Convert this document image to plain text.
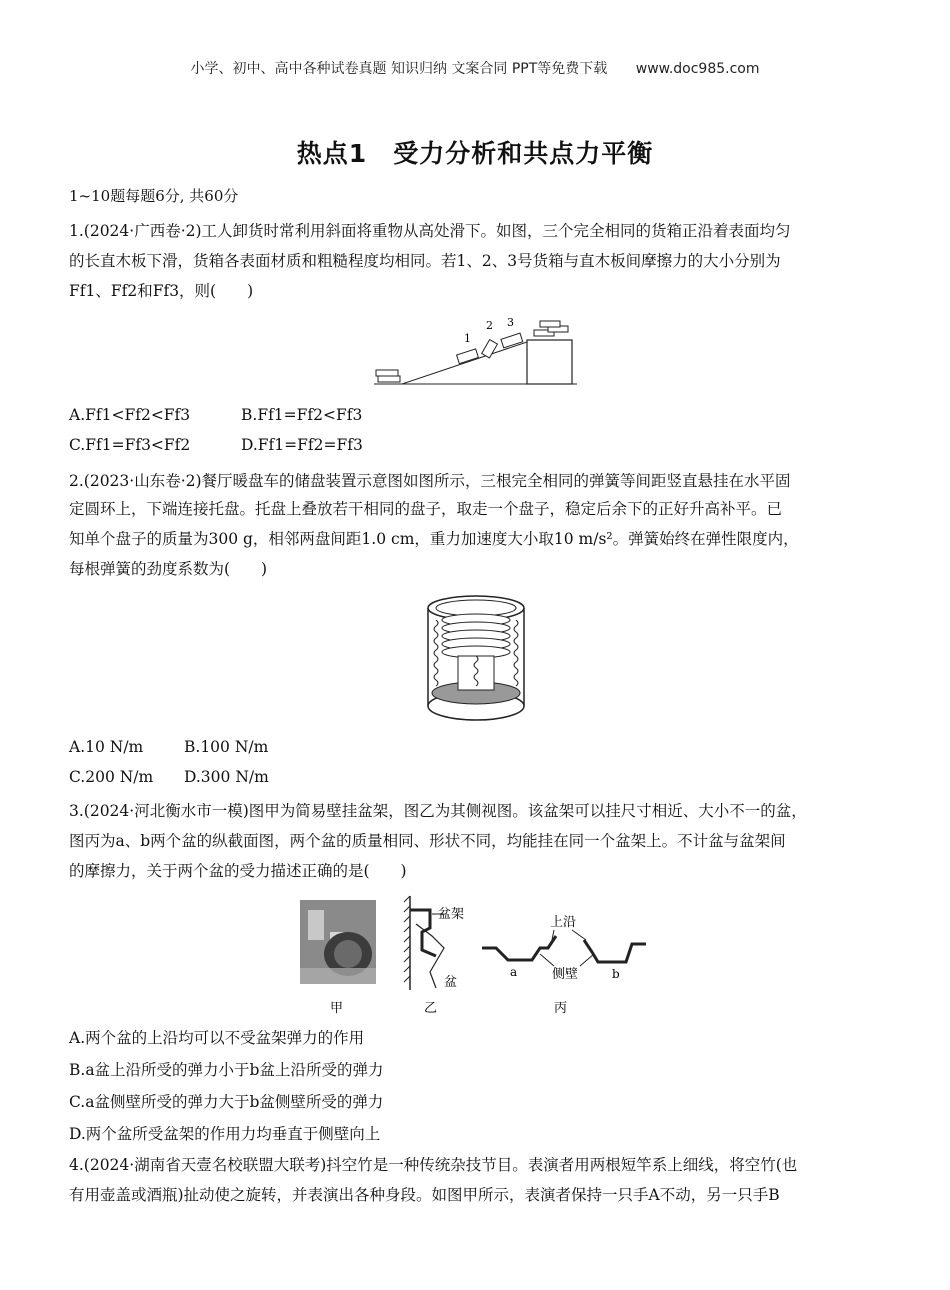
小学、初中、高中各种试卷真题 知识归纳 文案合同 PPT等免费下载 www.doc985.com
热点1　受力分析和共点力平衡
1~10题每题6分, 共60分
1.(2024·广西卷·2)工人卸货时常利用斜面将重物从高处滑下。如图，三个完全相同的货箱正沿着表面均匀
的长直木板下滑，货箱各表面材质和粗糙程度均相同。若1、2、3号货箱与直木板间摩擦力的大小分别为
Ff1、Ff2和Ff3，则(　　)
1
2 3
A.Ff1<Ff2<Ff3	B.Ff1=Ff2<Ff3
C.Ff1=Ff3<Ff2	D.Ff1=Ff2=Ff3
2.(2023·山东卷·2)餐厅暖盘车的储盘装置示意图如图所示，三根完全相同的弹簧等间距竖直悬挂在水平固
定圆环上，下端连接托盘。托盘上叠放若干相同的盘子，取走一个盘子，稳定后余下的正好升高补平。已
知单个盘子的质量为300 g，相邻两盘间距1.0 cm，重力加速度大小取10 m/s²。弹簧始终在弹性限度内，
每根弹簧的劲度系数为(　　)
A.10 N/m	B.100 N/m
C.200 N/m D.300 N/m
3.(2024·河北衡水市一模)图甲为简易壁挂盆架，图乙为其侧视图。该盆架可以挂尺寸相近、大小不一的盆，
图丙为a、b两个盆的纵截面图，两个盆的质量相同、形状不同，均能挂在同一个盆架上。不计盆与盆架间
的摩擦力，关于两个盆的受力描述正确的是(　　)
盆架
盆
上沿
侧壁
a	b
甲	乙	丙
A.两个盆的上沿均可以不受盆架弹力的作用
B.a盆上沿所受的弹力小于b盆上沿所受的弹力
C.a盆侧壁所受的弹力大于b盆侧壁所受的弹力
D.两个盆所受盆架的作用力均垂直于侧壁向上
4.(2024·湖南省天壹名校联盟大联考)抖空竹是一种传统杂技节目。表演者用两根短竿系上细线，将空竹(也
有用壶盖或酒瓶)扯动使之旋转，并表演出各种身段。如图甲所示，表演者保持一只手A不动，另一只手B
